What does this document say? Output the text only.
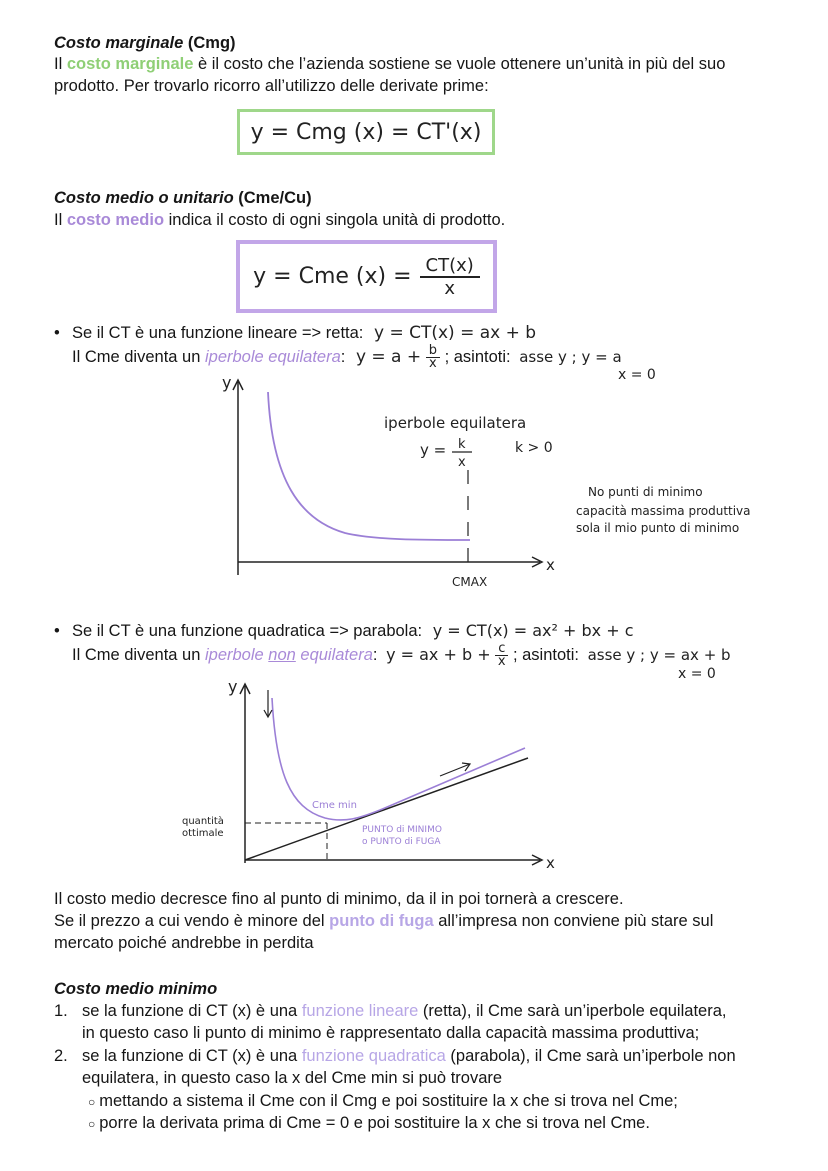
Costo marginale (Cmg)
Il costo marginale è il costo che l’azienda sostiene se vuole ottenere un’unità in più del suo
prodotto. Per trovarlo ricorro all’utilizzo delle derivate prime:
y = Cmg (x) = CT'(x)
Costo medio o unitario (Cme/Cu)
Il costo medio indica il costo di ogni singola unità di prodotto.
y = Cme $(x) = \frac{CT(x)}{x}$
• Se il CT è una funzione lineare => retta: y = CT(x) = ax + b
Il Cme diventa un iperbole equilatera: $y = a + \frac{b}{x}$ ; asintoti: asse y ; y = a
x = 0
y
x
iperbole equilatera
y = k
x
k > 0
CMAX
No punti di minimo
capacità massima produttiva
sola il mio punto di minimo
• Se il CT è una funzione quadratica => parabola: y = CT(x) = ax² + bx + c
Il Cme diventa un iperbole non equilatera: y = ax + $b + \frac{c}{x}$ ; asintoti: asse y ; y = ax + b
x = 0
y
x
Cme min
PUNTO di MINIMO
o PUNTO di FUGA
quantità
ottimale
Il costo medio decresce fino al punto di minimo, da il in poi tornerà a crescere.
Se il prezzo a cui vendo è minore del punto di fuga all’impresa non conviene più stare sul
mercato poiché andrebbe in perdita
Costo medio minimo
1. se la funzione di CT (x) è una funzione lineare (retta), il Cme sarà un’iperbole equilatera,
in questo caso li punto di minimo è rappresentato dalla capacità massima produttiva;
2. se la funzione di CT (x) è una funzione quadratica (parabola), il Cme sarà un’iperbole non
equilatera, in questo caso la x del Cme min si può trovare
○ mettando a sistema il Cme con il Cmg e poi sostituire la x che si trova nel Cme;
○ porre la derivata prima di Cme = 0 e poi sostituire la x che si trova nel Cme.
